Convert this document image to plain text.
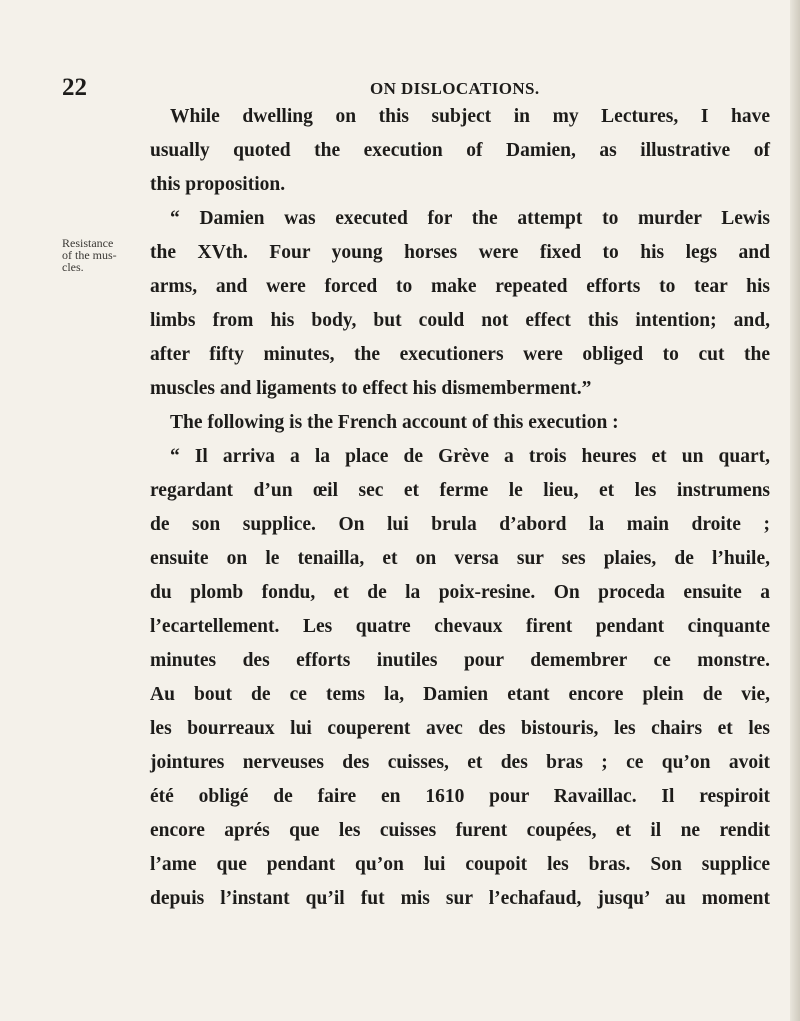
22	ON DISLOCATIONS.
Resistance
of the mus-
cles.
While dwelling on this subject in my Lectures, I have
usually quoted the execution of Damien, as illustrative of
this proposition.
“ Damien was executed for the attempt to murder Lewis
the XVth. Four young horses were fixed to his legs and
arms, and were forced to make repeated efforts to tear his
limbs from his body, but could not effect this intention; and,
after fifty minutes, the executioners were obliged to cut the
muscles and ligaments to effect his dismemberment.”
The following is the French account of this execution :
“ Il arriva a la place de Grève a trois heures et un quart,
regardant d’un œil sec et ferme le lieu, et les instrumens
de son supplice. On lui brula d’abord la main droite ;
ensuite on le tenailla, et on versa sur ses plaies, de l’huile,
du plomb fondu, et de la poix-resine. On proceda ensuite a
l’ecartellement. Les quatre chevaux firent pendant cinquante
minutes des efforts inutiles pour demembrer ce monstre.
Au bout de ce tems la, Damien etant encore plein de vie,
les bourreaux lui couperent avec des bistouris, les chairs et les
jointures nerveuses des cuisses, et des bras ; ce qu’on avoit
été obligé de faire en 1610 pour Ravaillac. Il respiroit
encore aprés que les cuisses furent coupées, et il ne rendit
l’ame que pendant qu’on lui coupoit les bras. Son supplice
depuis l’instant qu’il fut mis sur l’echafaud, jusqu’ au moment
